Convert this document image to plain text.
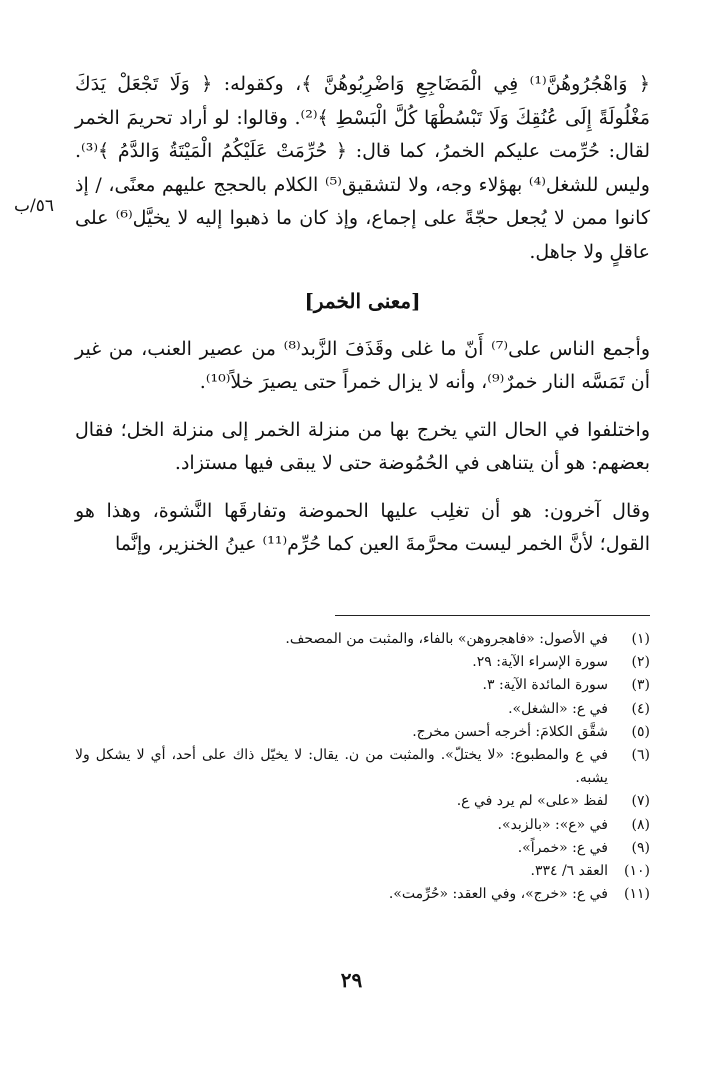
٥٦/ب

﴿ وَاهْجُرُوهُنَّ⁽¹⁾ فِي الْمَضَاجِعِ وَاضْرِبُوهُنَّ ﴾، وكقوله: ﴿ وَلَا تَجْعَلْ يَدَكَ مَغْلُولَةً إِلَى عُنُقِكَ وَلَا تَبْسُطْهَا كُلَّ الْبَسْطِ ﴾⁽²⁾. وقالوا: لو أراد تحريمَ الخمر لقال: حُرِّمت عليكم الخمرُ، كما قال: ﴿ حُرِّمَتْ عَلَيْكُمُ الْمَيْتَةُ وَالدَّمُ ﴾⁽³⁾. وليس للشغل⁽⁴⁾ بهؤلاء وجه، ولا لتشقيق⁽⁵⁾ الكلام بالحجج عليهم معنًى، / إذ كانوا ممن لا يُجعل حجّةً على إجماع، وإذ كان ما ذهبوا إليه لا يخيَّل⁽⁶⁾ على عاقلٍ ولا جاهل.

[معنى الخمر]

وأجمع الناس على⁽⁷⁾ أَنّ ما غلى وقَذَفَ الزَّبد⁽⁸⁾ من عصير العنب، من غير أن تَمَسَّه النار خمرٌ⁽⁹⁾، وأنه لا يزال خمراً حتى يصيرَ خلاً⁽¹⁰⁾.

واختلفوا في الحال التي يخرج بها من منزلة الخمر إلى منزلة الخل؛ فقال بعضهم: هو أن يتناهى في الحُمُوضة حتى لا يبقى فيها مستزاد.

وقال آخرون: هو أن تغلِب عليها الحموضة وتفارقَها النَّشوة، وهذا هو القول؛ لأنَّ الخمر ليست محرَّمةَ العين كما حُرِّم⁽¹¹⁾ عينُ الخنزير، وإنَّما

(١)
في الأصول: «فاهجروهن» بالفاء، والمثبت من المصحف.
(٢)
سورة الإسراء الآية: ٢٩.
(٣)
سورة المائدة الآية: ٣.
(٤)
في ع: «الشغل».
(٥)
شقَّق الكلامَ: أخرجه أحسن مخرج.
(٦)
في ع والمطبوع: «لا يختلّ». والمثبت من ن. يقال: لا يخيّل ذاك على أحد، أي لا يشكل ولا يشبه.
(٧)
لفظ «على» لم يرد في ع.
(٨)
في «ع»: «بالزبد».
(٩)
في ع: «خمراً».
(١٠)
العقد ٦/ ٣٣٤.
(١١)
في ع: «خرج»، وفي العقد: «حُرِّمت».
٢٩
